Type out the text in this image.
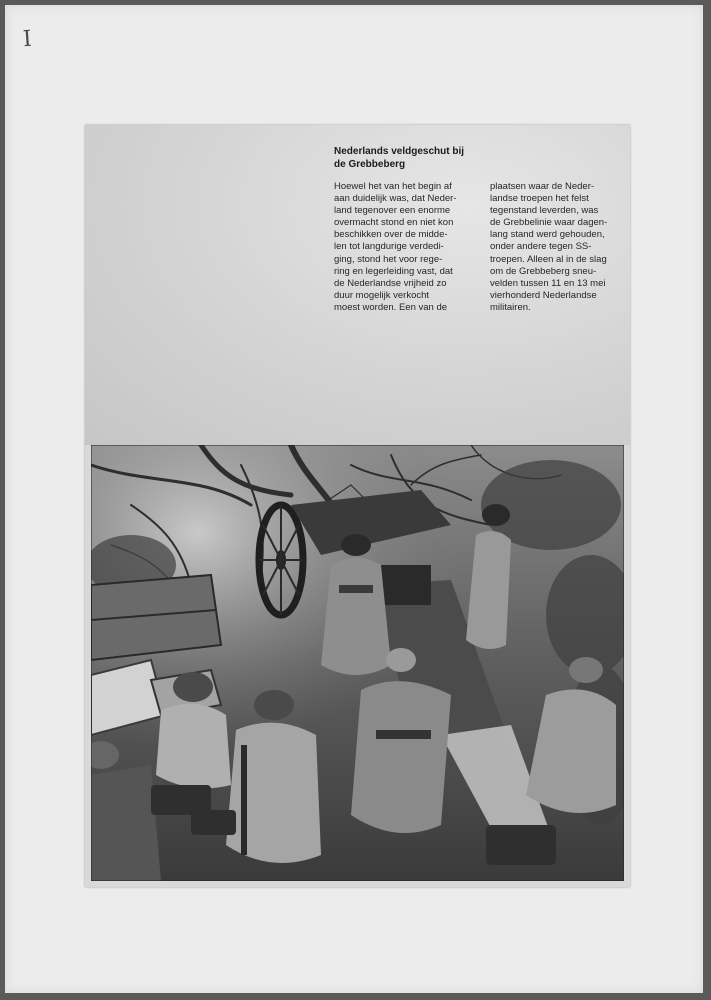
I
Nederlands veldgeschut bij
de Grebbeberg
Hoewel het van het begin af
aan duidelijk was, dat Neder-
land tegenover een enorme
overmacht stond en niet kon
beschikken over de midde-
len tot langdurige verdedi-
ging, stond het voor rege-
ring en legerleiding vast, dat
de Nederlandse vrijheid zo
duur mogelijk verkocht
moest worden. Een van de
plaatsen waar de Neder-
landse troepen het felst
tegenstand leverden, was
de Grebbelinie waar dagen-
lang stand werd gehouden,
onder andere tegen SS-
troepen. Alleen al in de slag
om de Grebbeberg sneu-
velden tussen 11 en 13 mei
vierhonderd Nederlandse
militairen.
